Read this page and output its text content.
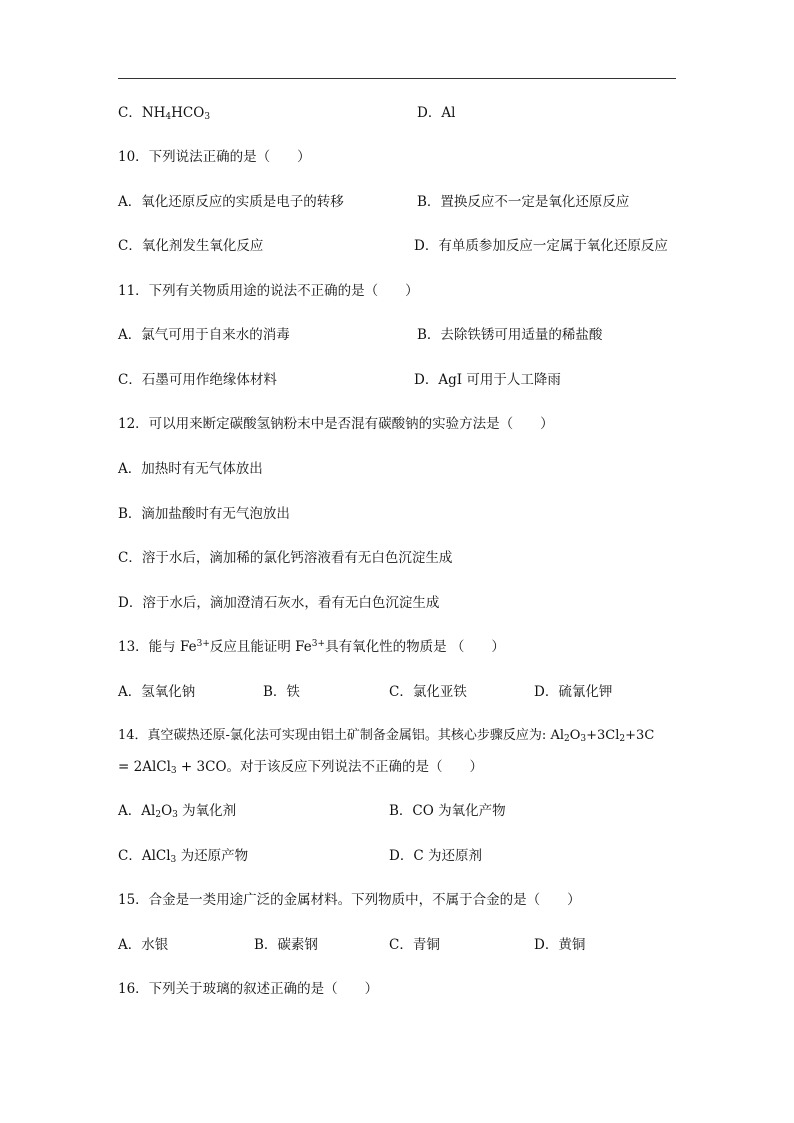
C．$NH_4HCO_3$	D．Al
10．下列说法正确的是（　　）
A．氧化还原反应的实质是电子的转移	B．置换反应不一定是氧化还原反应
C．氧化剂发生氧化反应	D．有单质参加反应一定属于氧化还原反应
11．下列有关物质用途的说法不正确的是（　　）
A．氯气可用于自来水的消毒	B．去除铁锈可用适量的稀盐酸
C．石墨可用作绝缘体材料	D．AgI 可用于人工降雨
12．可以用来断定碳酸氢钠粉末中是否混有碳酸钠的实验方法是（　　）
A．加热时有无气体放出
B．滴加盐酸时有无气泡放出
C．溶于水后，滴加稀的氯化钙溶液看有无白色沉淀生成
D．溶于水后，滴加澄清石灰水，看有无白色沉淀生成
13．能与 $Fe^{3+}$反应且能证明 $Fe^{3+}$具有氧化性的物质是 （　　）
A．氢氧化钠	B．铁	C．氯化亚铁	D．硫氰化钾
14．真空碳热还原-氯化法可实现由铝土矿制备金属铝。其核心步骤反应为: $Al_2O_3+3Cl_2+3C$
= 2AlCl$_3$ + 3CO。对于该反应下列说法不正确的是（　　）
A．$Al_2O_3$ 为氧化剂	B．CO 为氧化产物
C．AlCl$_3$ 为还原产物	D．C 为还原剂
15．合金是一类用途广泛的金属材料。下列物质中，不属于合金的是（　　）
A．水银	B．碳素钢	C．青铜	D．黄铜
16．下列关于玻璃的叙述正确的是（　　）
